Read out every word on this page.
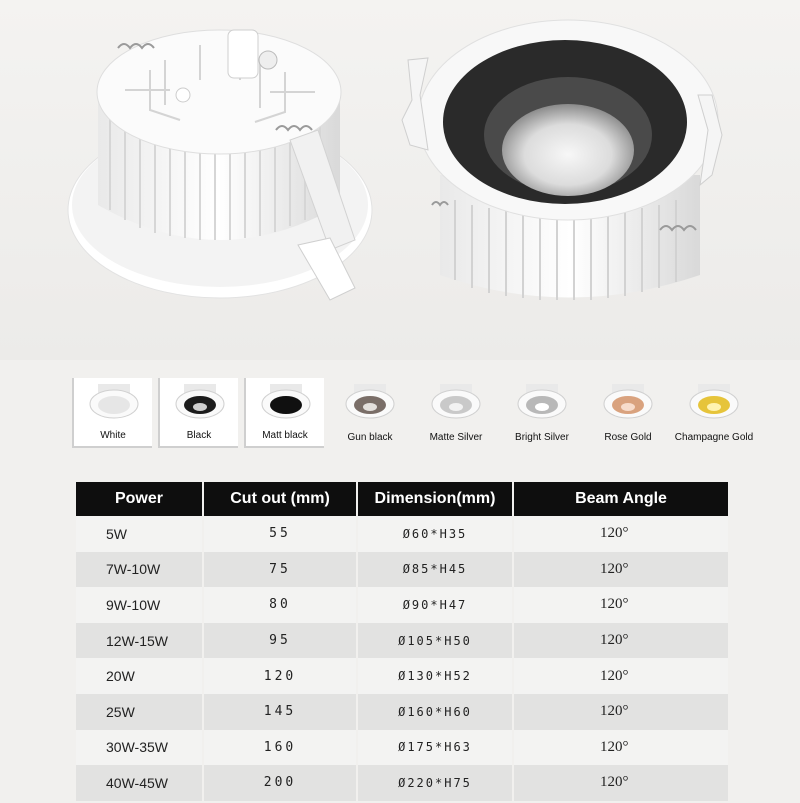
White	Black	Matt black	Gun black	Matte Silver	Bright Silver	Rose Gold	Champagne Gold
Power	Cut out (mm)	Dimension(mm)	Beam Angle
5W	55	Ø60*H35	120°
7W-10W	75	Ø85*H45	120°
9W-10W	80	Ø90*H47	120°
12W-15W	95	Ø105*H50	120°
20W	120	Ø130*H52	120°
25W	145	Ø160*H60	120°
30W-35W	160	Ø175*H63	120°
40W-45W	200	Ø220*H75	120°
